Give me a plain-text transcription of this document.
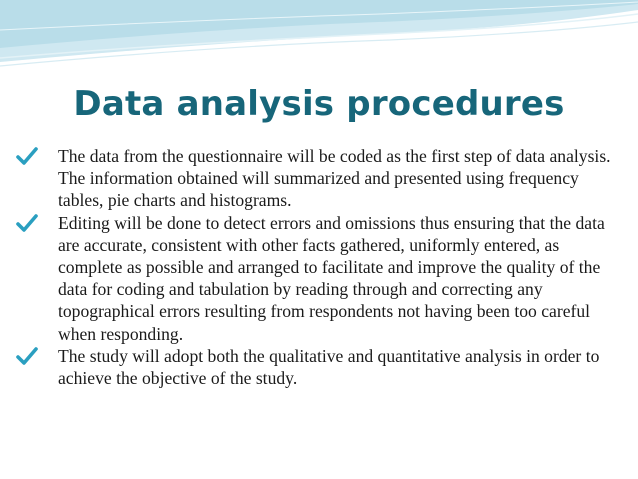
Data analysis procedures
The data from the questionnaire will be coded as the first step of data analysis. The information obtained will summarized and presented using frequency tables, pie charts and histograms.
Editing will be done to detect errors and omissions thus ensuring that the data are accurate, consistent with other facts gathered, uniformly entered, as complete as possible and arranged to facilitate and improve the quality of the data for coding and tabulation by reading through and correcting any topographical errors resulting from respondents not having been too careful when responding.
The study will adopt both the qualitative and quantitative analysis in order to achieve the objective of the study.
